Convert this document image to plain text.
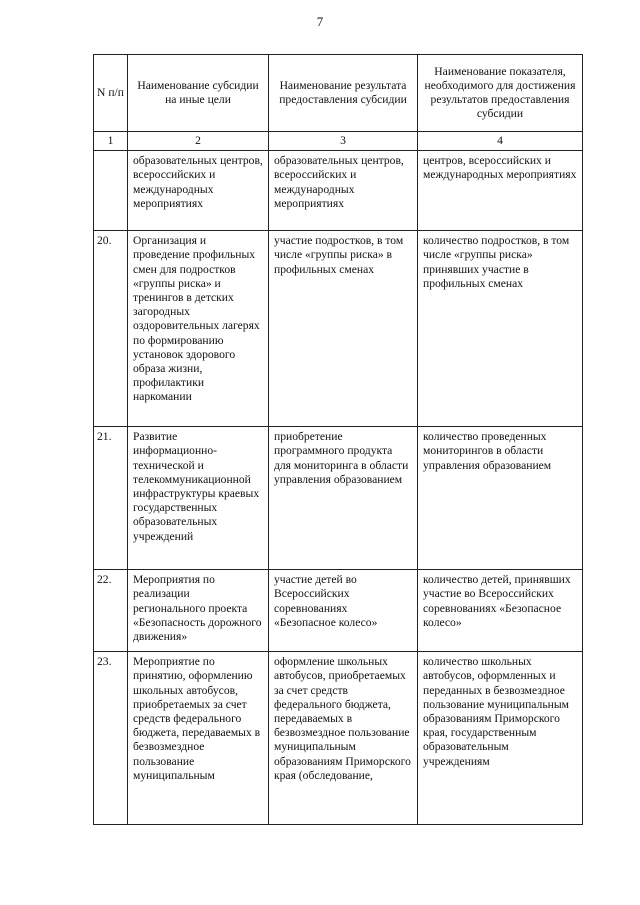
7
N п/п	Наименование субсидии на иные цели	Наименование результата предоставления субсидии	Наименование показателя, необходимого для достижения результатов предоставления субсидии
1	2	3	4
	образовательных центров, всероссийских и международных мероприятиях	образовательных центров, всероссийских и международных мероприятиях	центров, всероссийских и международных мероприятиях
20.	Организация и проведение профильных смен для подростков «группы риска» и тренингов в детских загородных оздоровительных лагерях по формированию установок здорового образа жизни, профилактики наркомании	участие подростков, в том числе «группы риска» в профильных сменах	количество подростков, в том числе «группы риска» принявших участие в профильных сменах
21.	Развитие информационно-технической и телекоммуникационной инфраструктуры краевых государственных образовательных учреждений	приобретение программного продукта для мониторинга в области управления образованием	количество проведенных мониторингов в области управления образованием
22.	Мероприятия по реализации регионального проекта «Безопасность дорожного движения»	участие детей во Всероссийских соревнованиях «Безопасное колесо»	количество детей, принявших участие во Всероссийских соревнованиях «Безопасное колесо»
23.	Мероприятие по принятию, оформлению школьных автобусов, приобретаемых за счет средств федерального бюджета, передаваемых в безвозмездное пользование муниципальным	оформление школьных автобусов, приобретаемых за счет средств федерального бюджета, передаваемых в безвозмездное пользование муниципальным образованиям Приморского края (обследование,	количество школьных автобусов, оформленных и переданных в безвозмездное пользование муниципальным образованиям Приморского края, государственным образовательным учреждениям
